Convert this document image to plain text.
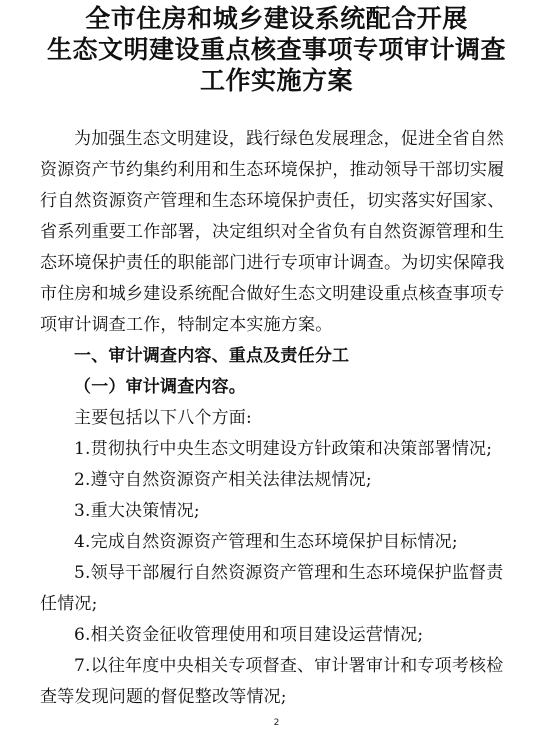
全市住房和城乡建设系统配合开展
生态文明建设重点核查事项专项审计调查
工作实施方案

为加强生态文明建设，践行绿色发展理念，促进全省自然

资源资产节约集约利用和生态环境保护，推动领导干部切实履

行自然资源资产管理和生态环境保护责任，切实落实好国家、

省系列重要工作部署，决定组织对全省负有自然资源管理和生

态环境保护责任的职能部门进行专项审计调查。为切实保障我

市住房和城乡建设系统配合做好生态文明建设重点核查事项专

项审计调查工作，特制定本实施方案。

一、审计调查内容、重点及责任分工

（一）审计调查内容。

主要包括以下八个方面:

1.贯彻执行中央生态文明建设方针政策和决策部署情况;

2.遵守自然资源资产相关法律法规情况;

3.重大决策情况;

4.完成自然资源资产管理和生态环境保护目标情况;

5.领导干部履行自然资源资产管理和生态环境保护监督责

任情况;

6.相关资金征收管理使用和项目建设运营情况;

7.以往年度中央相关专项督查、审计署审计和专项考核检

查等发现问题的督促整改等情况;

2
